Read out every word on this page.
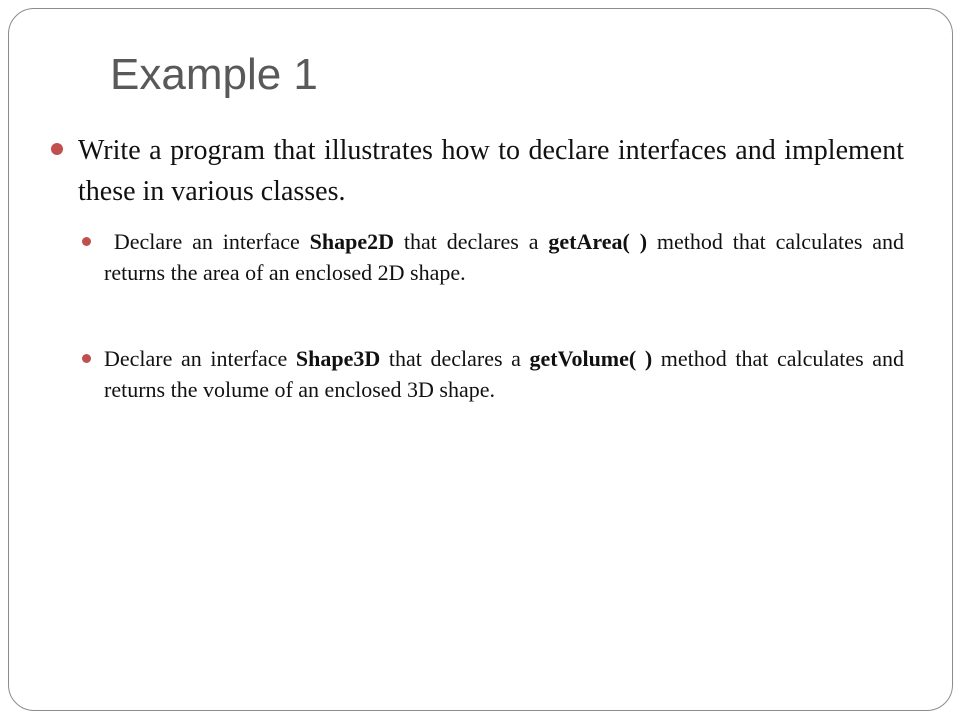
Example 1
Write a program that illustrates how to declare interfaces and implement these in various classes.
Declare an interface Shape2D that declares a getArea( ) method that calculates and returns the area of an enclosed 2D shape.
Declare an interface Shape3D that declares a getVolume( ) method that calculates and returns the volume of an enclosed 3D shape.
